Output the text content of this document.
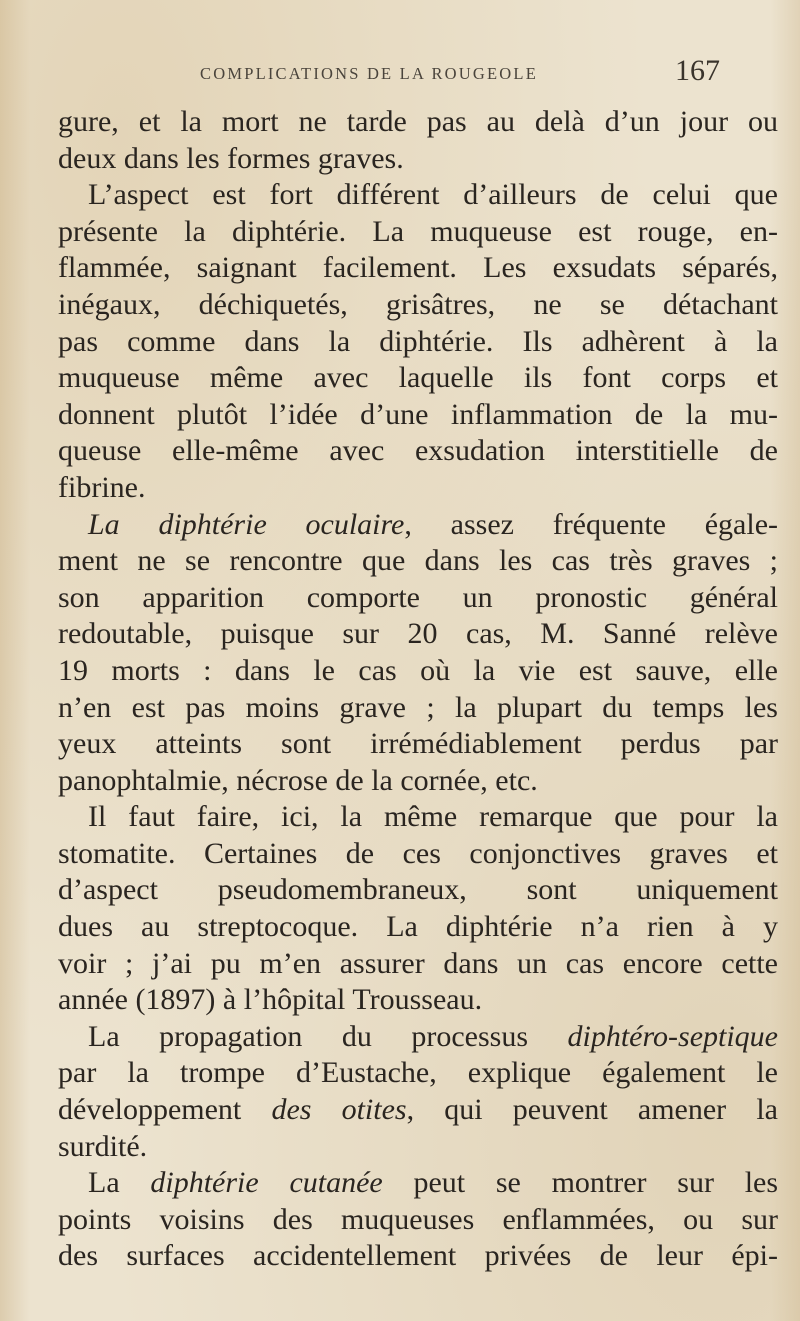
COMPLICATIONS DE LA ROUGEOLE	167
gure, et la mort ne tarde pas au delà d’un jour ou
deux dans les formes graves.
L’aspect est fort différent d’ailleurs de celui que
présente la diphtérie. La muqueuse est rouge, en-
flammée, saignant facilement. Les exsudats séparés,
inégaux, déchiquetés, grisâtres, ne se détachant
pas comme dans la diphtérie. Ils adhèrent à la
muqueuse même avec laquelle ils font corps et
donnent plutôt l’idée d’une inflammation de la mu-
queuse elle-même avec exsudation interstitielle de
fibrine.
La diphtérie oculaire, assez fréquente égale-
ment ne se rencontre que dans les cas très graves ;
son apparition comporte un pronostic général
redoutable, puisque sur 20 cas, M. Sanné relève
19 morts : dans le cas où la vie est sauve, elle
n’en est pas moins grave ; la plupart du temps les
yeux atteints sont irrémédiablement perdus par
panophtalmie, nécrose de la cornée, etc.
Il faut faire, ici, la même remarque que pour la
stomatite. Certaines de ces conjonctives graves et
d’aspect pseudomembraneux, sont uniquement
dues au streptocoque. La diphtérie n’a rien à y
voir ; j’ai pu m’en assurer dans un cas encore cette
année (1897) à l’hôpital Trousseau.
La propagation du processus diphtéro-septique
par la trompe d’Eustache, explique également le
développement des otites, qui peuvent amener la
surdité.
La diphtérie cutanée peut se montrer sur les
points voisins des muqueuses enflammées, ou sur
des surfaces accidentellement privées de leur épi-
